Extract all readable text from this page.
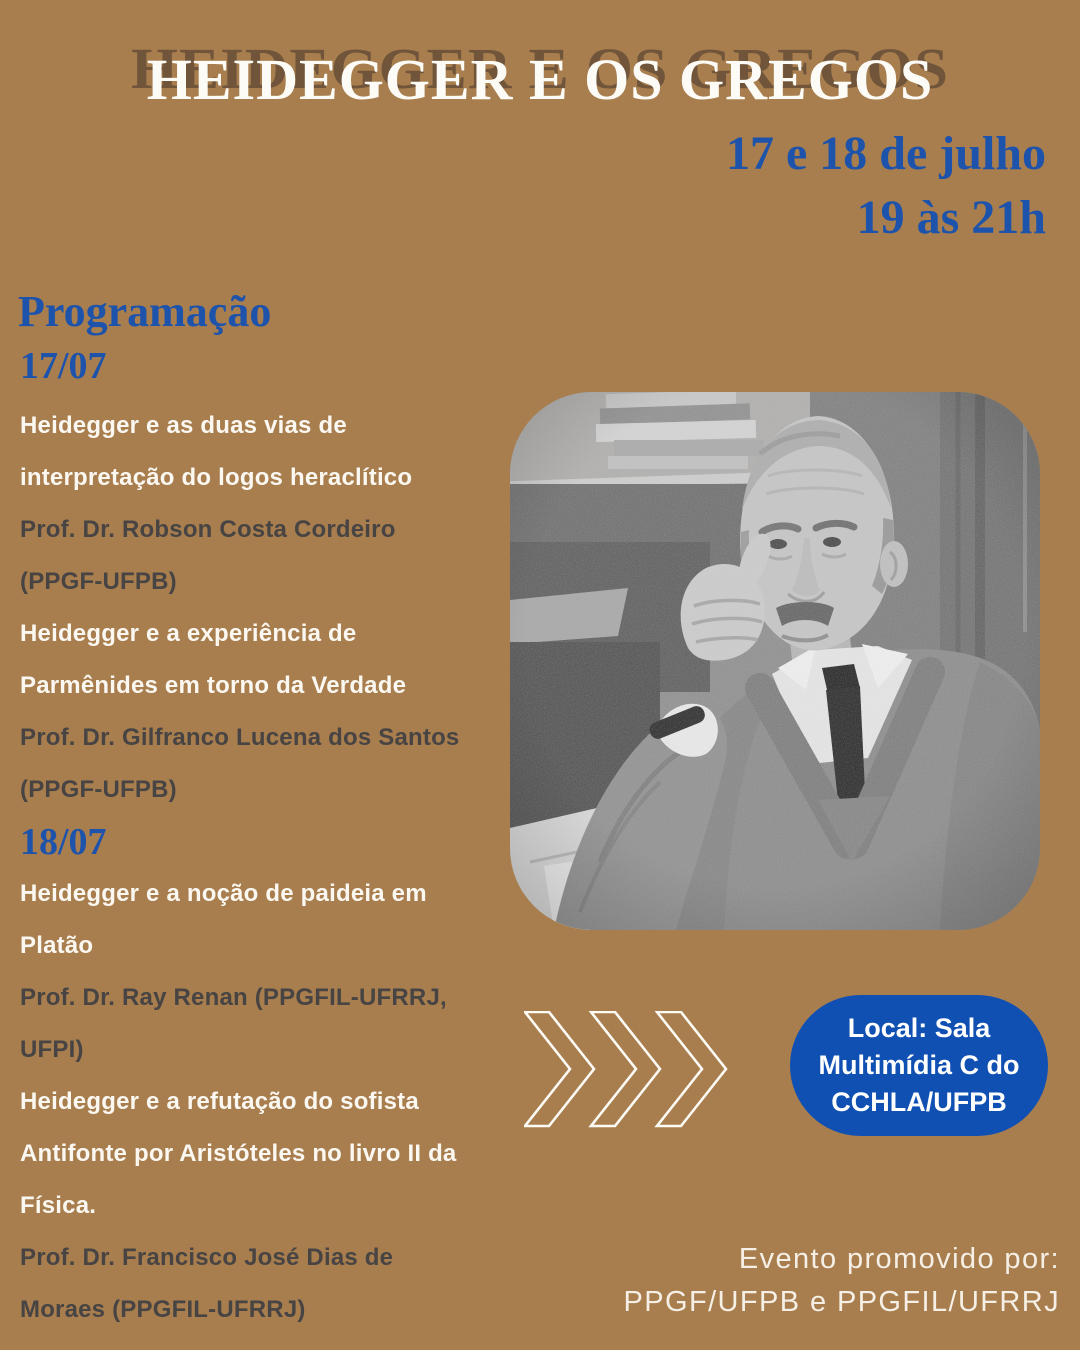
HEIDEGGER E OS GREGOS HEIDEGGER E OS GREGOS
17 e 18 de julho
19 às 21h
Programação
17/07
Heidegger e as duas vias de
interpretação do logos heraclítico
Prof. Dr. Robson Costa Cordeiro
(PPGF-UFPB)
Heidegger e a experiência de
Parmênides em torno da Verdade
Prof. Dr. Gilfranco Lucena dos Santos
(PPGF-UFPB)
18/07
Heidegger e a noção de paideia em
Platão
Prof. Dr. Ray Renan (PPGFIL-UFRRJ,
UFPI)
Heidegger e a refutação do sofista
Antifonte por Aristóteles no livro II da
Física.
Prof. Dr. Francisco José Dias de
Moraes (PPGFIL-UFRRJ)
Local: Sala
Multimídia C do
CCHLA/UFPB
Evento promovido por:
PPGF/UFPB e PPGFIL/UFRRJ
